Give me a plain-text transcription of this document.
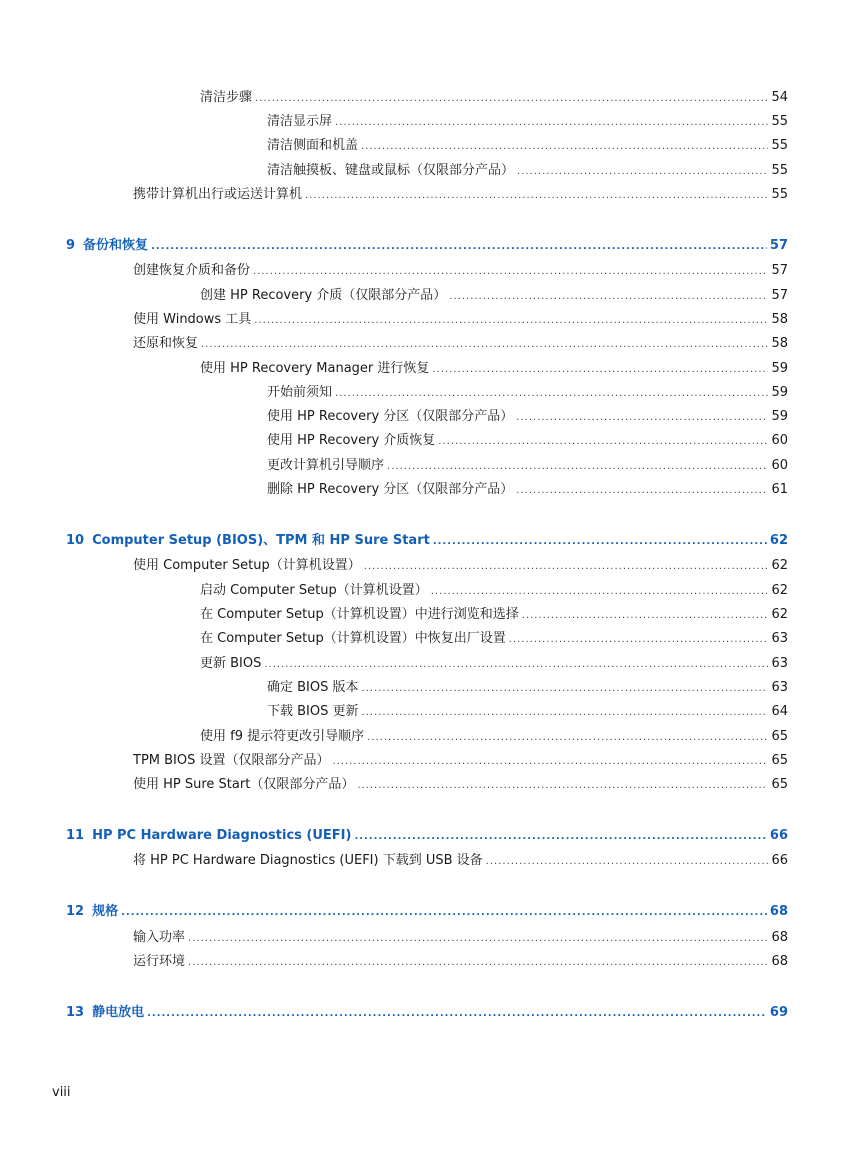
清洁步骤 .....	54
清洁显示屏 .....	55
清洁侧面和机盖 .....	55
清洁触摸板、键盘或鼠标（仅限部分产品） .....	55
携带计算机出行或运送计算机 .....	55
9 备份和恢复 .....	57
创建恢复介质和备份 .....	57
创建 HP Recovery 介质（仅限部分产品） .....	57
使用 Windows 工具 .....	58
还原和恢复 .....	58
使用 HP Recovery Manager 进行恢复 .....	59
开始前须知 .....	59
使用 HP Recovery 分区（仅限部分产品） .....	59
使用 HP Recovery 介质恢复 .....	60
更改计算机引导顺序 .....	60
删除 HP Recovery 分区（仅限部分产品） .....	61
10 Computer Setup (BIOS)、TPM 和 HP Sure Start .....	62
使用 Computer Setup（计算机设置） .....	62
启动 Computer Setup（计算机设置） .....	62
在 Computer Setup（计算机设置）中进行浏览和选择 .....	62
在 Computer Setup（计算机设置）中恢复出厂设置 .....	63
更新 BIOS .....	63
确定 BIOS 版本 .....	63
下载 BIOS 更新 .....	64
使用 f9 提示符更改引导顺序 .....	65
TPM BIOS 设置（仅限部分产品） .....	65
使用 HP Sure Start（仅限部分产品） .....	65
11 HP PC Hardware Diagnostics (UEFI) .....	66
将 HP PC Hardware Diagnostics (UEFI) 下载到 USB 设备 .....	66
12 规格 .....	68
输入功率 .....	68
运行环境 .....	68
13 静电放电 .....	69
viii
